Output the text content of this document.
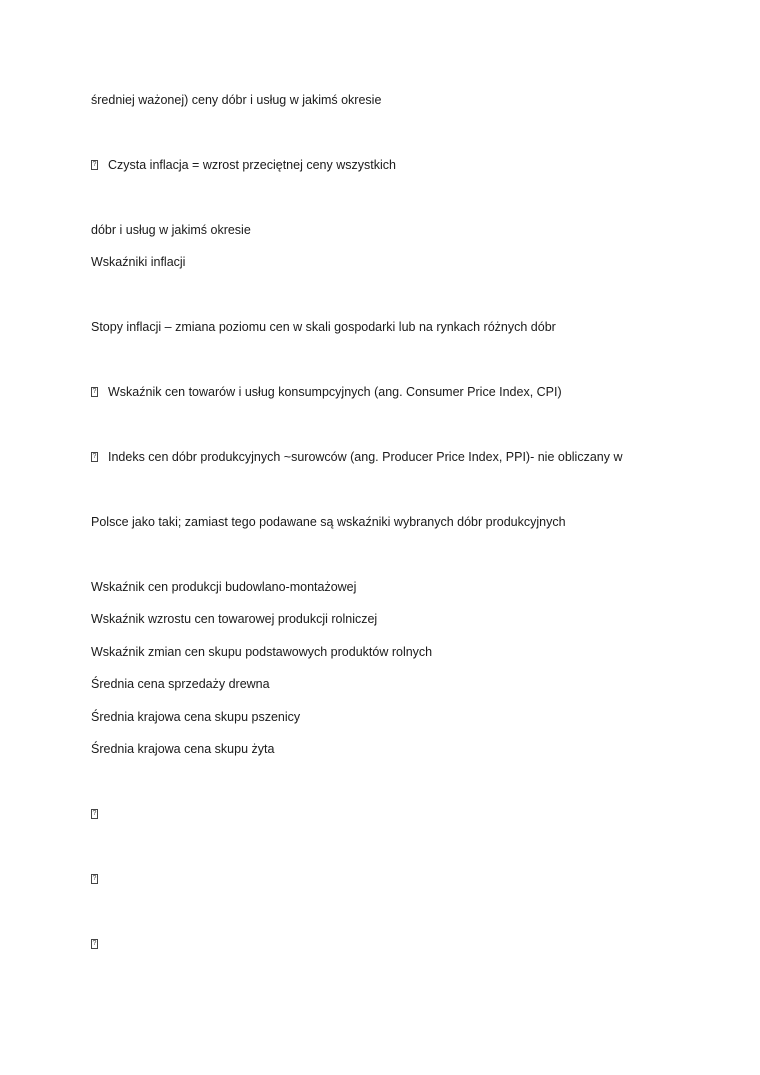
średniej ważonej) ceny dóbr i usług w jakimś okresie
?Czysta inflacja = wzrost przeciętnej ceny wszystkich
dóbr i usług w jakimś okresie
Wskaźniki inflacji
Stopy inflacji – zmiana poziomu cen w skali gospodarki lub na rynkach różnych dóbr
?Wskaźnik cen towarów i usług konsumpcyjnych (ang. Consumer Price Index, CPI)
?Indeks cen dóbr produkcyjnych ~surowców (ang. Producer Price Index, PPI)- nie obliczany w
Polsce jako taki; zamiast tego podawane są wskaźniki wybranych dóbr produkcyjnych
Wskaźnik cen produkcji budowlano-montażowej
Wskaźnik wzrostu cen towarowej produkcji rolniczej
Wskaźnik zmian cen skupu podstawowych produktów rolnych
Średnia cena sprzedaży drewna
Średnia krajowa cena skupu pszenicy
Średnia krajowa cena skupu żyta
?
?
?
